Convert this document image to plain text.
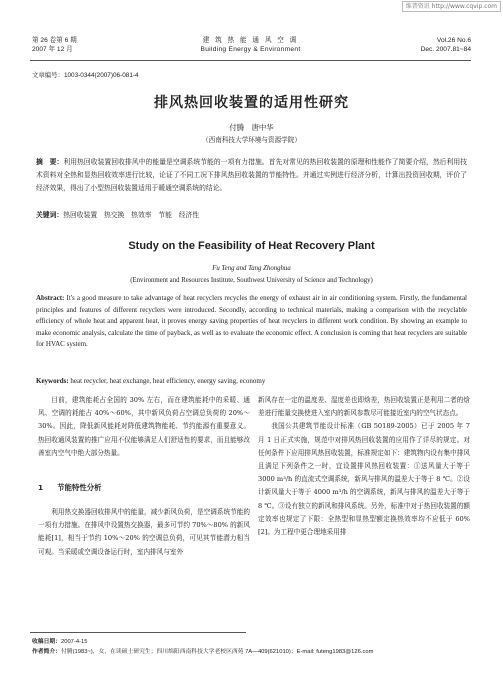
维普资讯 http://www.cqvip.com
第 26 卷第 6 期
2007 年 12 月
建 筑 热 能 通 风 空 调
Building Energy & Environment
Vol.26 No.6
Dec. 2007.81~84
文章编号：1003-0344(2007)06-081-4
排风热回收装置的适用性研究
付腾　唐中华
（西南科技大学环境与资源学院）
摘　要：利用热回收装置回收排风中的能量是空调系统节能的一项有力措施。首先对常见的热回收装置的原理和性能作了简要介绍，然后利用技术资料对全热和显热回收效率进行比较，论证了不同工况下排风热回收装置的节能特性。并通过实例进行经济分析，计算出投资回收期，评价了经济效果，得出了小型热回收装置适用于暖通空调系统的结论。
关键词：热回收装置　热交换　热效率　节能　经济性
Study on the Feasibility of Heat Recovery Plant
Fu Teng and Tang Zhonghua
(Environment and Resources Institute, Southwest University of Science and Technology)
Abstract: It's a good measure to take advantage of heat recyclers recycles the energy of exhaust air in air conditioning system. Firstly, the fundamental principles and features of different recyclers were introduced. Secondly, according to technical materials, making a comparison with the recyclable efficiency of whole heat and apparent heat, it proves energy saving properties of heat recyclers in different work condition. By showing an example to make economic analysis, calculate the time of payback, as well as to evaluate the economic effect. A conclusion is coming that heat recyclers are suitable for HVAC system.
Keywords: heat recycler, heat exchange, heat efficiency, energy saving, economy

目前，建筑能耗占全国的 30% 左右，而在建筑能耗中的采暖、通风、空调的耗能占 40%～60%，其中新风负荷占空调总负荷的 20%～30%。因此，降低新风能耗对降低建筑物能耗、节约能源有重要意义。热回收通风装置的推广应用不仅能够满足人们舒适性的要求，而且能够改善室内空气中绝大部分热量。

1 节能特性分析

利用热交换器回收排风中的能量，减少新风负荷，是空调系统节能的一项有力措施。在排风中设置热交换器，最多可节约 70%～80% 的新风能耗[1]，相当于节约 10%～20% 的空调总负荷，可见其节能潜力相当可观。当采暖或空调设备运行时，室内排风与室外

新风存在一定的温度差、湿度差也即焓差，热回收装置正是利用二者的焓差进行能量交换使进入室内的新风参数尽可能接近室内的空气状态点。

我国公共建筑节能设计标准（GB 50189-2005）已于 2005 年 7 月 1 日正式实施，规范中对排风热回收装置的应用作了详尽的规定。对任何条件下应用排风热回收装置，标准规定如下：建筑物内设有集中排风且满足下列条件之一时，宜设置排风热回收装置：①送风量大于等于 3000 m³/h 的直流式空调系统，新风与排风的温差大于等于 8 ℃。②设计新风量大于等于 4000 m³/h 的空调系统，新风与排风的温差大于等于 8 ℃。③设有独立的新风和排风系统。另外，标准中对于热回收装置的额定效率也规定了下限：全热型和显热型额定换热效率均不应低于 60%[2]。为工程中更合理地采用排

收稿日期：2007-4-15
作者简介：付腾(1983~)，女，在读硕士研究生；四川绵阳西南科技大学老校区西苑 7A—409(621010)；E-mail: futeng1983@126.com
